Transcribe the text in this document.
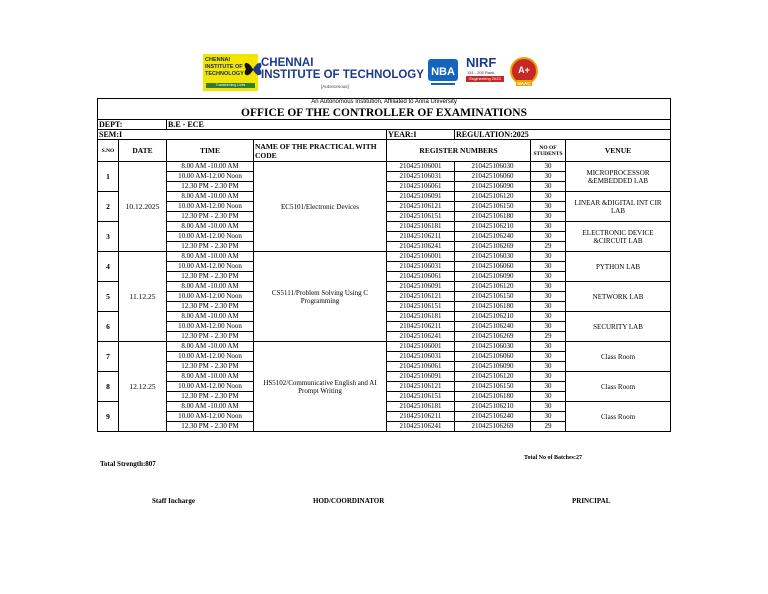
CHENNAI
INSTITUTE OF
TECHNOLOGY
Transforming Lives
CHENNAI
INSTITUTE OF TECHNOLOGY
[Autonomous]
NBA
NIRF
151 - 200 Rank
Engineering 2023
A+
NAAC
An Autonomous Institution, Affiliated to Anna University							
OFFICE OF THE CONTROLLER OF EXAMINATIONS							
DEPT:		B.E - ECE					
SEM:I				YEAR:I	REGULATION:2025		
S.NO	DATE	TIME	NAME OF THE PRACTICAL WITH CODE	REGISTER NUMBERS		NO OF STUDENTS	VENUE
1	10.12.2025	8.00 AM -10.00 AM	EC5101/Electronic Devices	210425106001	210425106030	30	MICROPROCESSOR &EMBEDDED LAB
		10.00 AM-12.00 Noon		210425106031	210425106060	30	
		12.30 PM - 2.30 PM		210425106061	210425106090	30	
2		8.00 AM -10.00 AM		210425106091	210425106120	30	LINEAR &DIGITAL INT CIR LAB
		10.00 AM-12.00 Noon		210425106121	210425106150	30	
		12.30 PM - 2.30 PM		210425106151	210425106180	30	
3		8.00 AM -10.00 AM		210425106181	210425106210	30	ELECTRONIC DEVICE &CIRCUIT LAB
		10.00 AM-12.00 Noon		210425106211	210425106240	30	
		12.30 PM - 2.30 PM		210425106241	210425106269	29	
4	11.12.25	8.00 AM -10.00 AM	CS5111/Problem Solving Using C Programming	210425106001	210425106030	30	PYTHON LAB
		10.00 AM-12.00 Noon		210425106031	210425106060	30	
		12.30 PM - 2.30 PM		210425106061	210425106090	30	
5		8.00 AM -10.00 AM		210425106091	210425106120	30	NETWORK LAB
		10.00 AM-12.00 Noon		210425106121	210425106150	30	
		12.30 PM - 2.30 PM		210425106151	210425106180	30	
6		8.00 AM -10.00 AM		210425106181	210425106210	30	SECURITY LAB
		10.00 AM-12.00 Noon		210425106211	210425106240	30	
		12.30 PM - 2.30 PM		210425106241	210425106269	29	
7	12.12.25	8.00 AM -10.00 AM	HS5102/Communicative English and AI Prompt Writing	210425106001	210425106030	30	Class Room
		10.00 AM-12.00 Noon		210425106031	210425106060	30	
		12.30 PM - 2.30 PM		210425106061	210425106090	30	
8		8.00 AM -10.00 AM		210425106091	210425106120	30	Class Room
		10.00 AM-12.00 Noon		210425106121	210425106150	30	
		12.30 PM - 2.30 PM		210425106151	210425106180	30	
9		8.00 AM -10.00 AM		210425106181	210425106210	30	Class Room
		10.00 AM-12.00 Noon		210425106211	210425106240	30	
		12.30 PM - 2.30 PM		210425106241	210425106269	29	
Total Strength:807
Total No of Batches:27
Staff Incharge	HOD/COORDINATOR	PRINCIPAL
